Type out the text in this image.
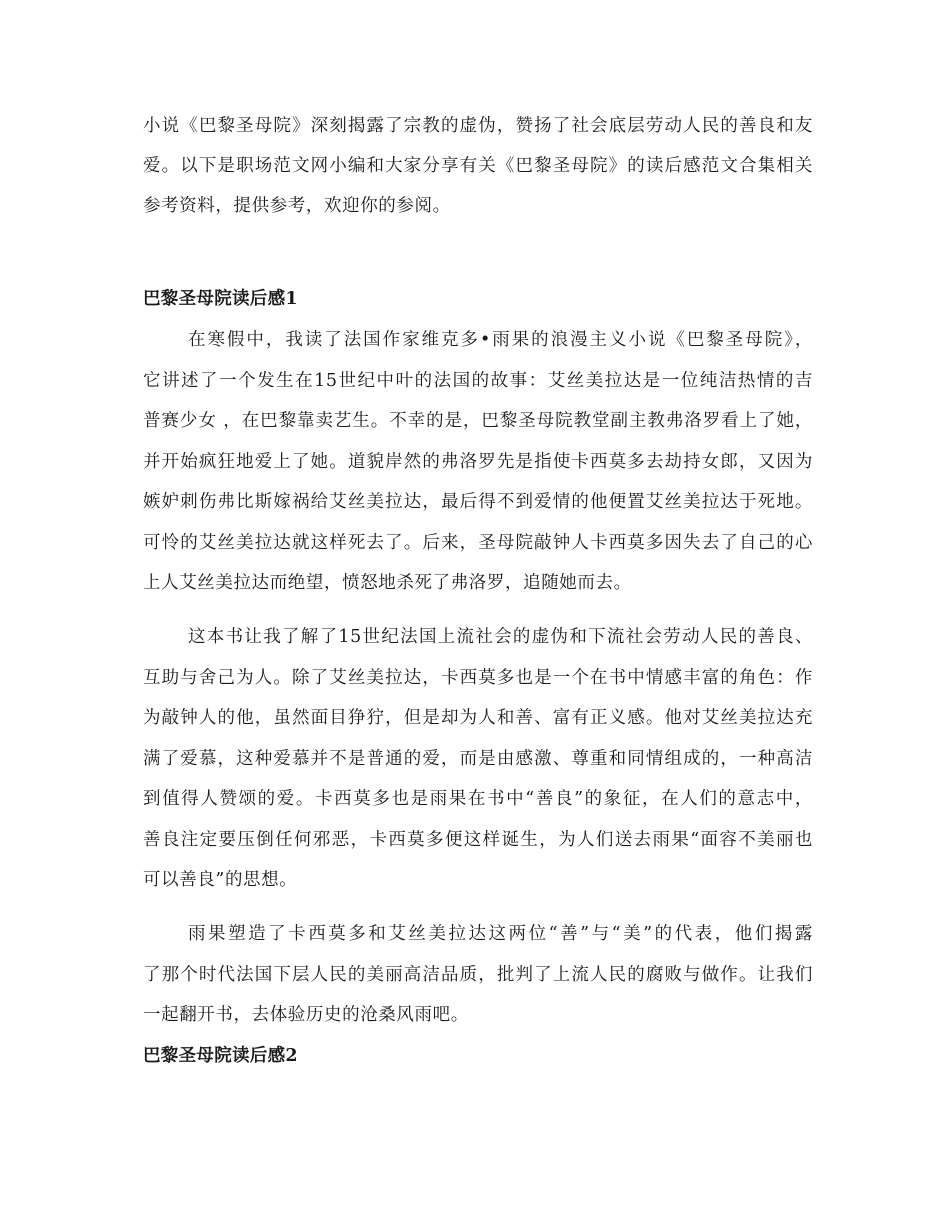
小说《巴黎圣母院》深刻揭露了宗教的虚伪，赞扬了社会底层劳动人民的善良和友
爱。以下是职场范文网小编和大家分享有关《巴黎圣母院》的读后感范文合集相关
参考资料，提供参考，欢迎你的参阅。
巴黎圣母院读后感1
在寒假中，我读了法国作家维克多•雨果的浪漫主义小说《巴黎圣母院》，
它讲述了一个发生在15世纪中叶的法国的故事：艾丝美拉达是一位纯洁热情的吉
普赛少女 ，在巴黎靠卖艺生。不幸的是，巴黎圣母院教堂副主教弗洛罗看上了她，
并开始疯狂地爱上了她。道貌岸然的弗洛罗先是指使卡西莫多去劫持女郎，又因为
嫉妒刺伤弗比斯嫁祸给艾丝美拉达，最后得不到爱情的他便置艾丝美拉达于死地。
可怜的艾丝美拉达就这样死去了。后来，圣母院敲钟人卡西莫多因失去了自己的心
上人艾丝美拉达而绝望，愤怒地杀死了弗洛罗，追随她而去。
这本书让我了解了15世纪法国上流社会的虚伪和下流社会劳动人民的善良、
互助与舍己为人。除了艾丝美拉达，卡西莫多也是一个在书中情感丰富的角色：作
为敲钟人的他，虽然面目狰狞，但是却为人和善、富有正义感。他对艾丝美拉达充
满了爱慕，这种爱慕并不是普通的爱，而是由感激、尊重和同情组成的，一种高洁
到值得人赞颂的爱。卡西莫多也是雨果在书中“善良”的象征，在人们的意志中，
善良注定要压倒任何邪恶，卡西莫多便这样诞生，为人们送去雨果“面容不美丽也
可以善良”的思想。
雨果塑造了卡西莫多和艾丝美拉达这两位“善”与“美”的代表，他们揭露
了那个时代法国下层人民的美丽高洁品质，批判了上流人民的腐败与做作。让我们
一起翻开书，去体验历史的沧桑风雨吧。
巴黎圣母院读后感2
